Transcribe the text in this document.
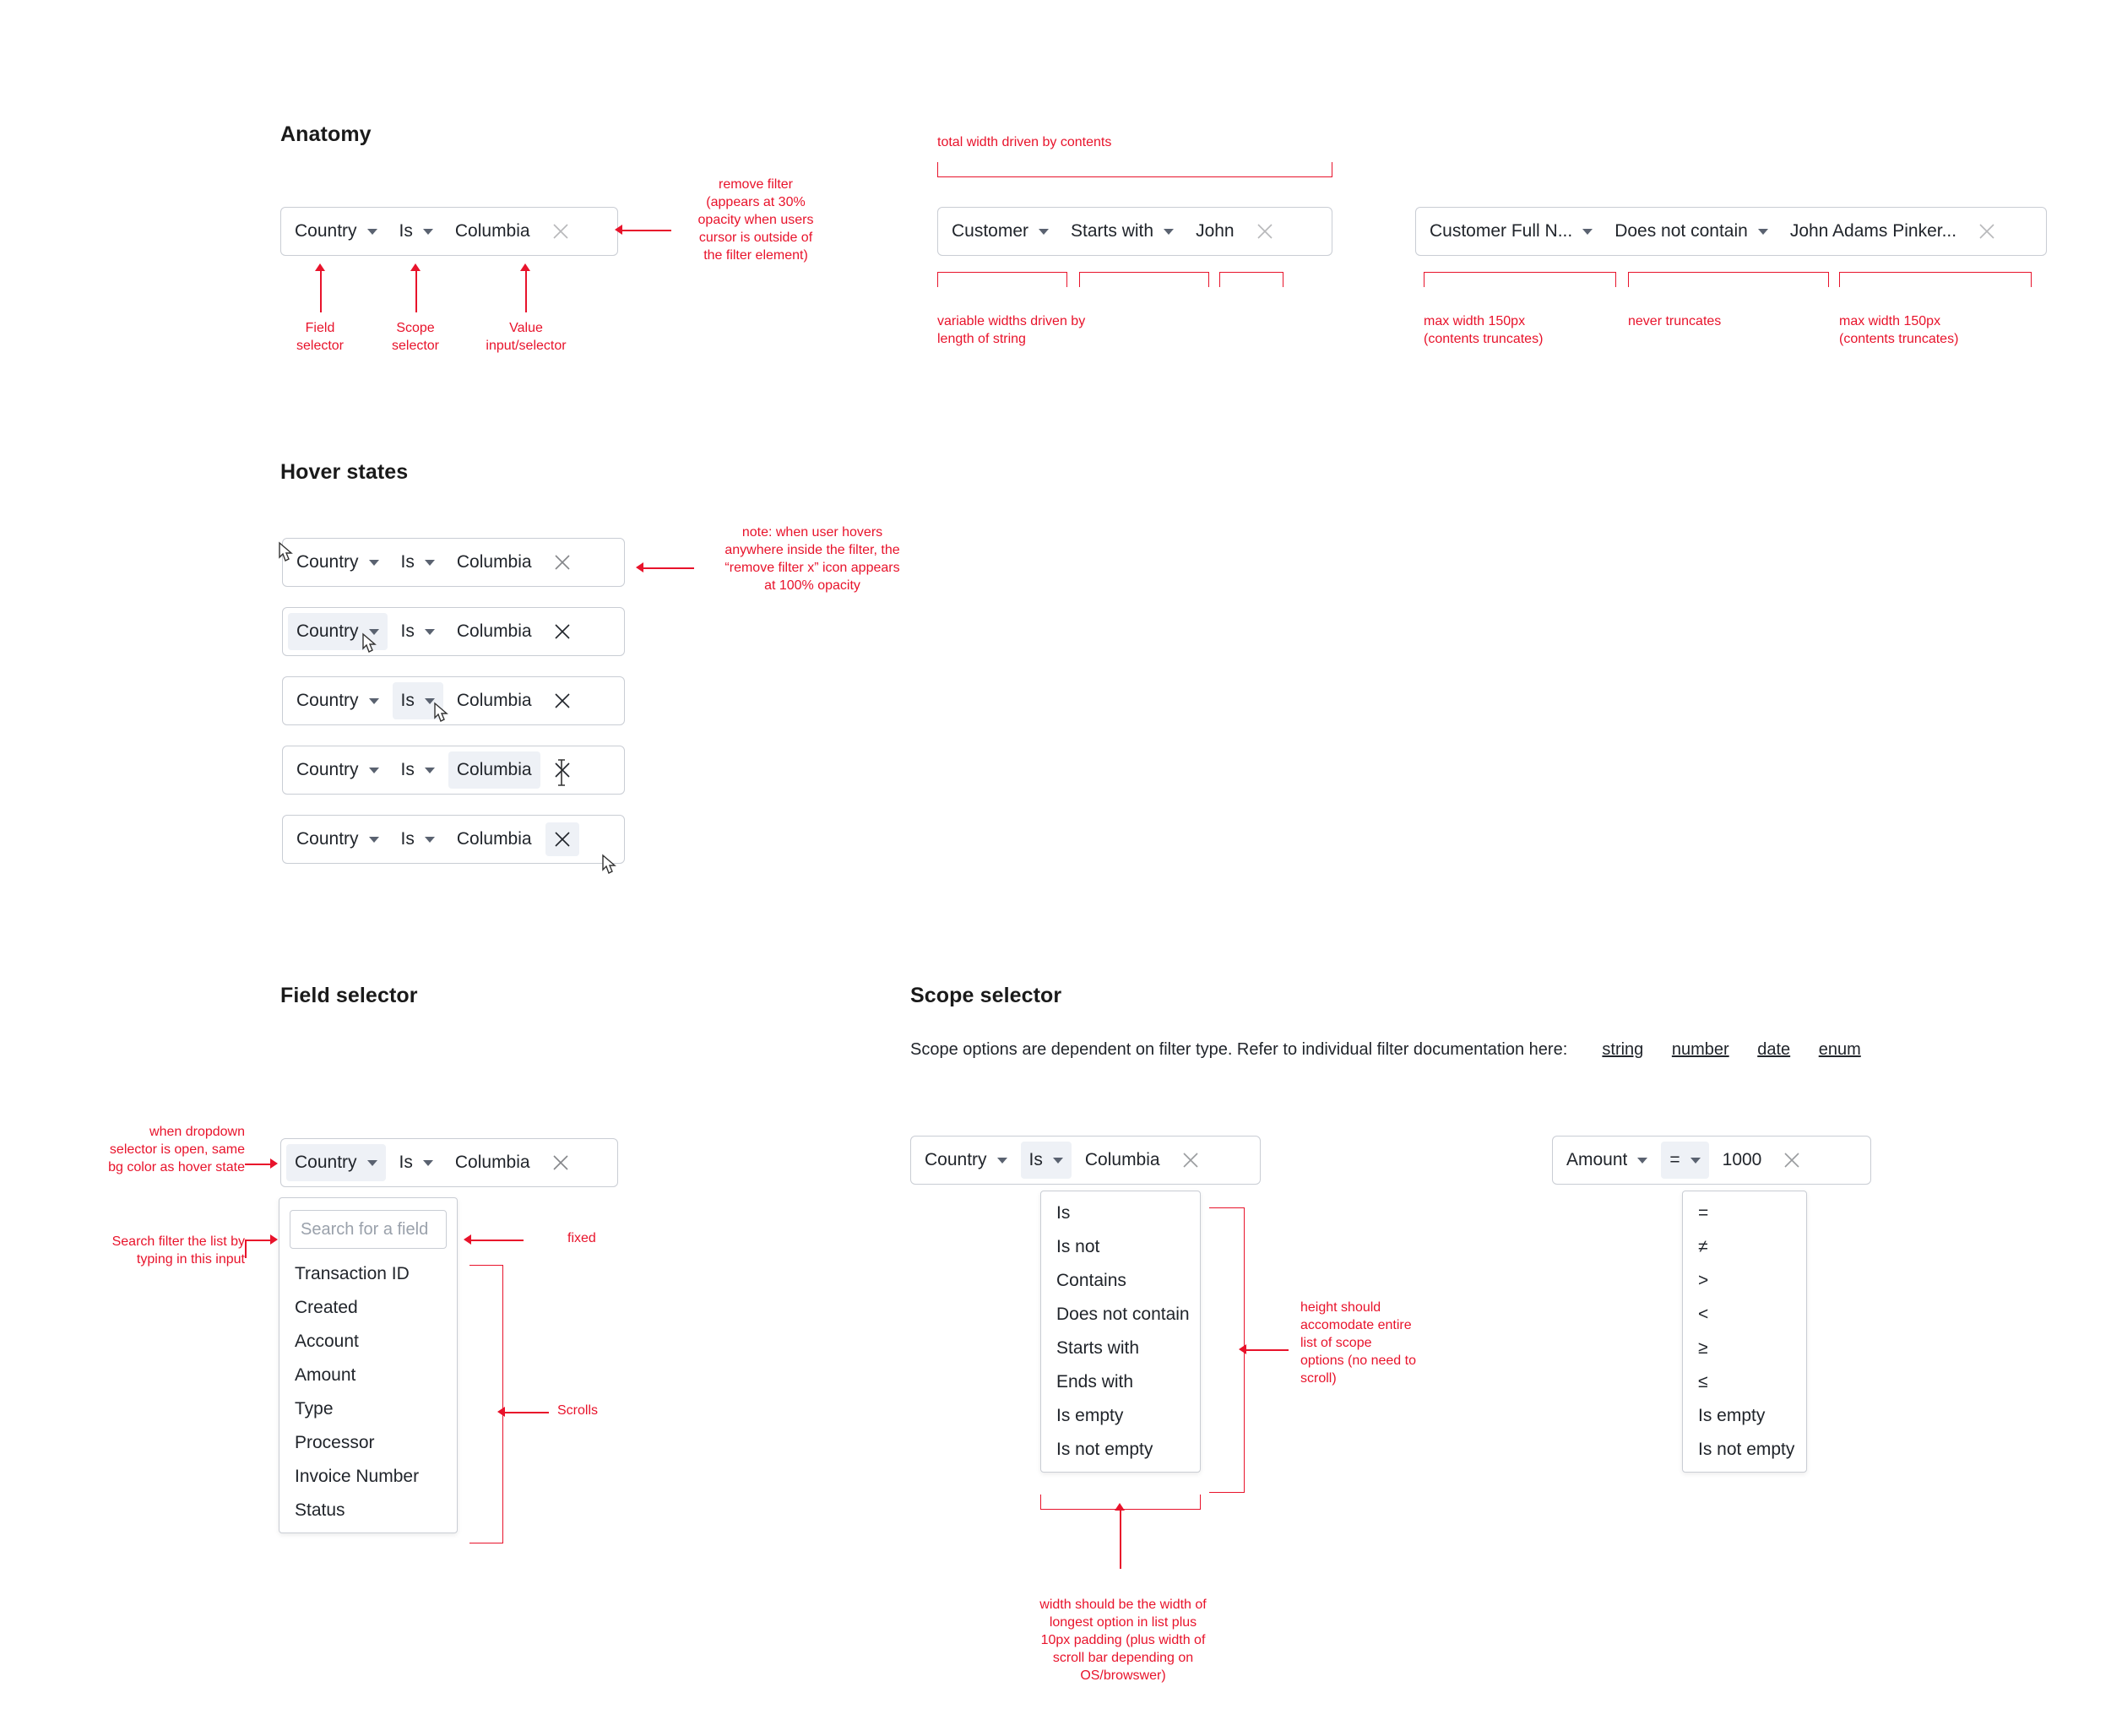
Anatomy
Country Is Columbia
Field
selector
Scope
selector
Value
input/selector
remove filter
(appears at 30%
opacity when users
cursor is outside of
the filter element)
total width driven by contents
Customer Starts with John
variable widths driven by
length of string
Customer Full N... Does not contain John Adams Pinker...
max width 150px
(contents truncates)
never truncates	max width 150px
(contents truncates)
Hover states
Country Is Columbia
Country Is Columbia
Country Is Columbia
Country Is Columbia
Country Is Columbia
note: when user hovers
anywhere inside the filter, the
“remove filter x” icon appears
at 100% opacity
Field selector
Country Is Columbia
Search for a field
Transaction ID
Created
Account
Amount
Type
Processor
Invoice Number
Status
when dropdown
selector is open, same
bg color as hover state
Search filter the list by
typing in this input
fixed
Scrolls
Scope selector
Scope options are dependent on filter type. Refer to individual filter documentation here: string number date enum
Country Is Columbia
Is
Is not
Contains
Does not contain
Starts with
Ends with
Is empty
Is not empty
height should
accomodate entire
list of scope
options (no need to
scroll)
width should be the width of
longest option in list plus
10px padding (plus width of
scroll bar depending on
OS/browswer)
Amount = 1000
=
≠
>
<
≥
≤
Is empty
Is not empty
